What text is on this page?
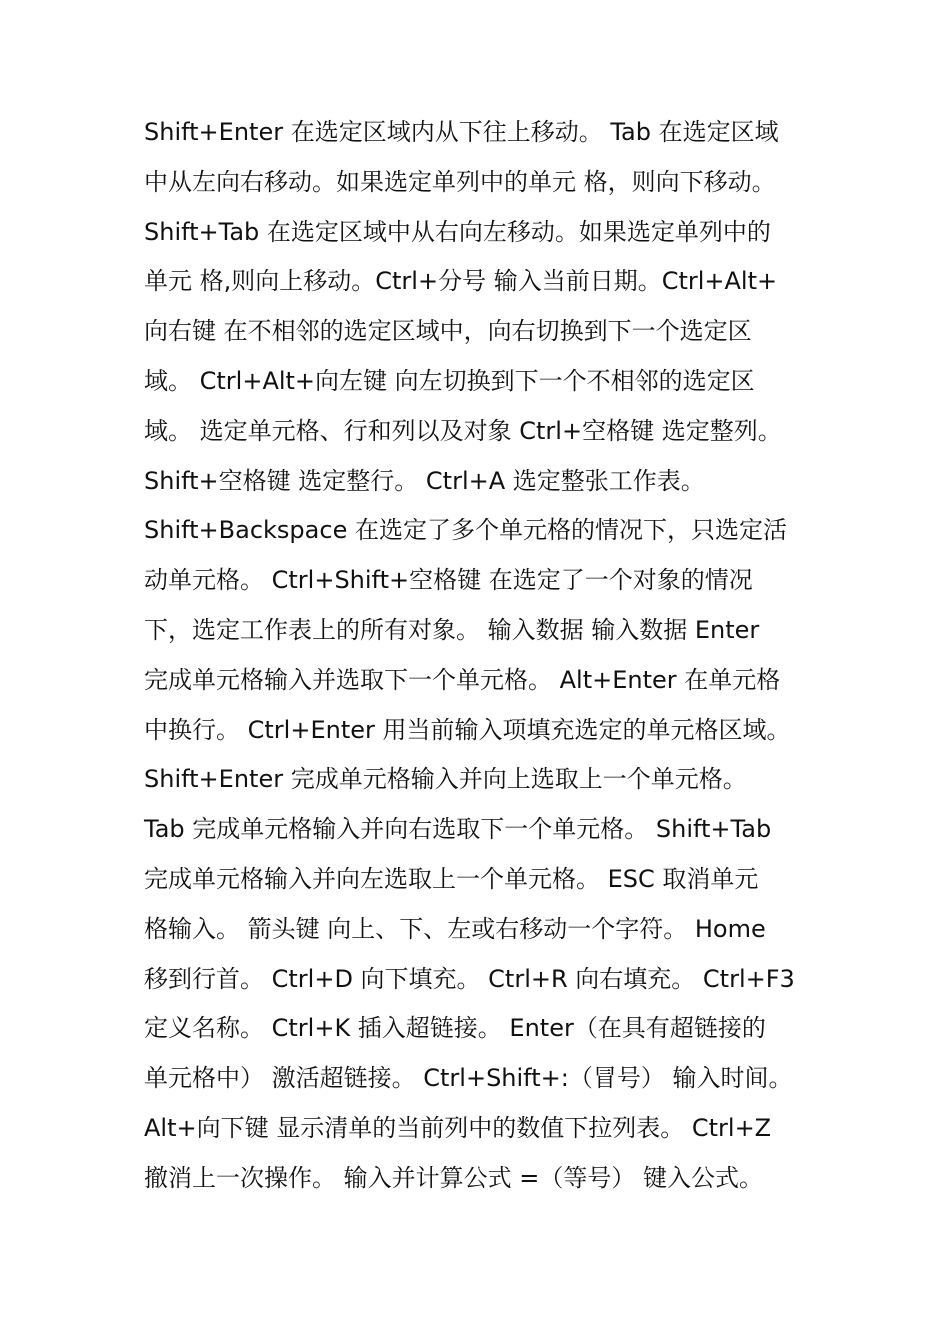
Shift+Enter 在选定区域内从下往上移动。 Tab 在选定区域
中从左向右移动。如果选定单列中的单元 格，则向下移动。
Shift+Tab 在选定区域中从右向左移动。如果选定单列中的
单元 格,则向上移动。Ctrl+分号 输入当前日期。Ctrl+Alt+
向右键 在不相邻的选定区域中，向右切换到下一个选定区
域。 Ctrl+Alt+向左键 向左切换到下一个不相邻的选定区
域。 选定单元格、行和列以及对象 Ctrl+空格键 选定整列。
Shift+空格键 选定整行。 Ctrl+A 选定整张工作表。
Shift+Backspace 在选定了多个单元格的情况下，只选定活
动单元格。 Ctrl+Shift+空格键 在选定了一个对象的情况
下，选定工作表上的所有对象。 输入数据 输入数据 Enter
完成单元格输入并选取下一个单元格。 Alt+Enter 在单元格
中换行。 Ctrl+Enter 用当前输入项填充选定的单元格区域。
Shift+Enter 完成单元格输入并向上选取上一个单元格。
Tab 完成单元格输入并向右选取下一个单元格。 Shift+Tab
完成单元格输入并向左选取上一个单元格。 ESC 取消单元
格输入。 箭头键 向上、下、左或右移动一个字符。 Home
移到行首。 Ctrl+D 向下填充。 Ctrl+R 向右填充。 Ctrl+F3
定义名称。 Ctrl+K 插入超链接。 Enter（在具有超链接的
单元格中） 激活超链接。 Ctrl+Shift+:（冒号） 输入时间。
Alt+向下键 显示清单的当前列中的数值下拉列表。 Ctrl+Z
撤消上一次操作。 输入并计算公式 =（等号） 键入公式。
